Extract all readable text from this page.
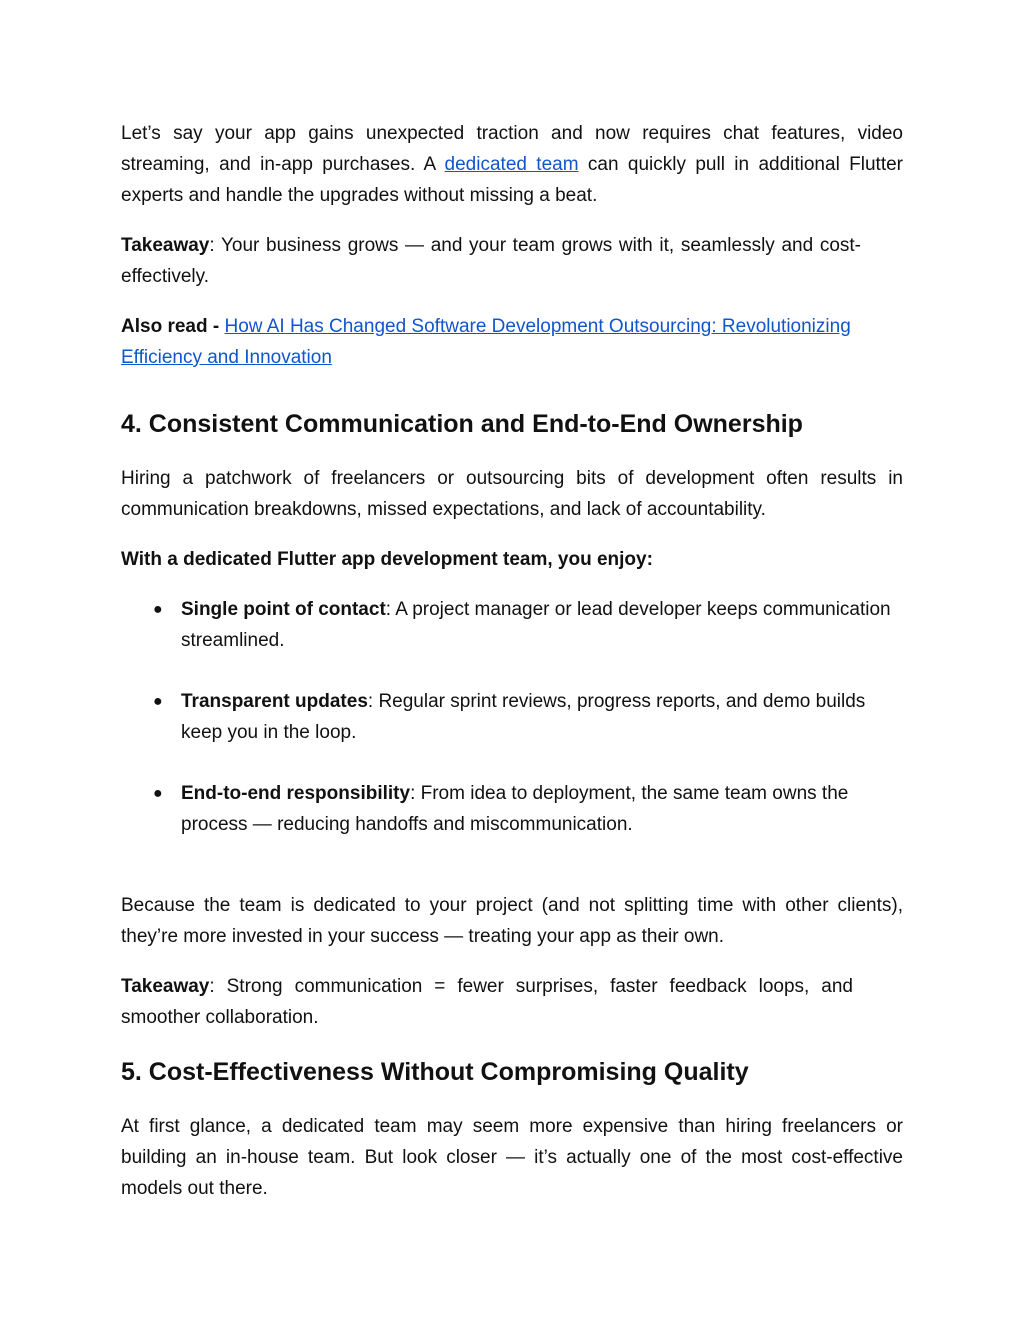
Let’s say your app gains unexpected traction and now requires chat features, video streaming, and in-app purchases. A dedicated team can quickly pull in additional Flutter experts and handle the upgrades without missing a beat.

Takeaway: Your business grows — and your team grows with it, seamlessly and cost-effectively.

Also read - How AI Has Changed Software Development Outsourcing: Revolutionizing Efficiency and Innovation

4. Consistent Communication and End-to-End Ownership

Hiring a patchwork of freelancers or outsourcing bits of development often results in communication breakdowns, missed expectations, and lack of accountability.

With a dedicated Flutter app development team, you enjoy:

● Single point of contact: A project manager or lead developer keeps communication streamlined.
● Transparent updates: Regular sprint reviews, progress reports, and demo builds keep you in the loop.
● End-to-end responsibility: From idea to deployment, the same team owns the process — reducing handoffs and miscommunication.

Because the team is dedicated to your project (and not splitting time with other clients), they’re more invested in your success — treating your app as their own.

Takeaway: Strong communication = fewer surprises, faster feedback loops, and smoother collaboration.

5. Cost-Effectiveness Without Compromising Quality

At first glance, a dedicated team may seem more expensive than hiring freelancers or building an in-house team. But look closer — it’s actually one of the most cost-effective models out there.
